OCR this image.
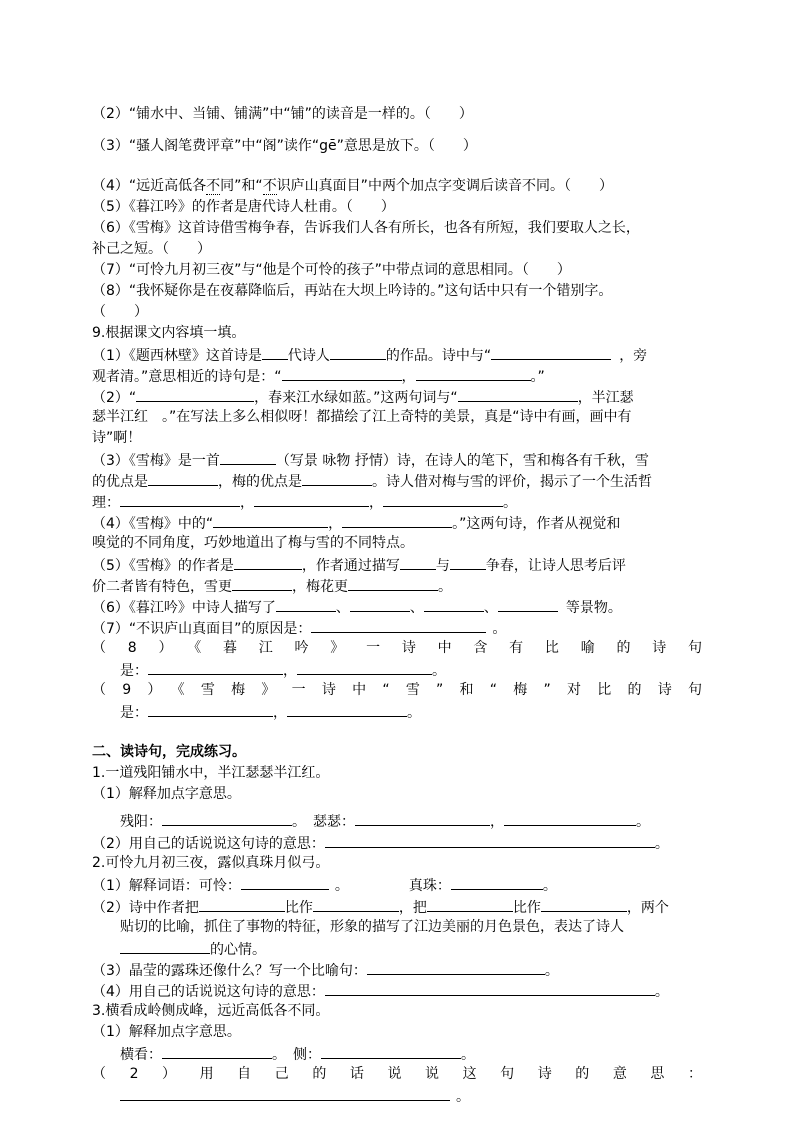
（2）“铺水中、当铺、铺满”中“铺”的读音是一样的。（　　）
（3）“骚人阁笔费评章”中“阁”读作“gē”意思是放下。（　　）
（4）“远近高低各不同”和“不识庐山真面目”中两个加点字变调后读音不同。（　　）
（5）《暮江吟》的作者是唐代诗人杜甫。（　　）
（6）《雪梅》这首诗借雪梅争春，告诉我们人各有所长，也各有所短，我们要取人之长，
补己之短。（　　）
（7）“可怜九月初三夜”与“他是个可怜的孩子”中带点词的意思相同。（　　）
（8）“我怀疑你是在夜幕降临后，再站在大坝上吟诗的。”这句话中只有一个错别字。
（　　）
9.根据课文内容填一填。
（1）《题西林壁》这首诗是 代诗人	的作品。诗中与“	，旁
观者清。”意思相近的诗句是：“	，	。”
（2）“	，春来江水绿如蓝。”这两句词与“	，半江瑟
瑟半江红　。”在写法上多么相似呀！都描绘了江上奇特的美景，真是“诗中有画，画中有
诗”啊！
（3）《雪梅》是一首	（写景 咏物 抒情）诗，在诗人的笔下，雪和梅各有千秋，雪
的优点是	，梅的优点是	。诗人借对梅与雪的评价，揭示了一个生活哲
理：	，	，	。
（4）《雪梅》中的“	，	。”这两句诗，作者从视觉和
嗅觉的不同角度，巧妙地道出了梅与雪的不同特点。
（5）《雪梅》的作者是	，作者通过描写	与	争春，让诗人思考后评
价二者皆有特色，雪更	，梅花更	。
（6）《暮江吟》中诗人描写了	、	、	、	等景物。
（7）“不识庐山真面目”的原因是：	。
（8）《暮江吟》一诗中含有比喻的诗句
是：	，	。
（9）《雪梅》一诗中“雪”和“梅”对比的诗句
是：	，	。
二、读诗句，完成练习。
1.一道残阳铺水中，半江瑟瑟半江红。
（1）解释加点字意思。
残阳：	。　瑟瑟：	，	。
（2）用自己的话说说这句诗的意思：	。
2.可怜九月初三夜，露似真珠月似弓。
（1）解释词语：可怜：	。	真珠：	。
（2）诗中作者把	比作	，把	比作	，两个
贴切的比喻，抓住了事物的特征，形象的描写了江边美丽的月色景色，表达了诗人
的心情。
（3）晶莹的露珠还像什么？写一个比喻句：	。
（4）用自己的话说说这句诗的意思：	。
3.横看成岭侧成峰，远近高低各不同。
（1）解释加点字意思。
横看：	。　侧：	。
（2）用自己的话说说这句诗的意思：
。
